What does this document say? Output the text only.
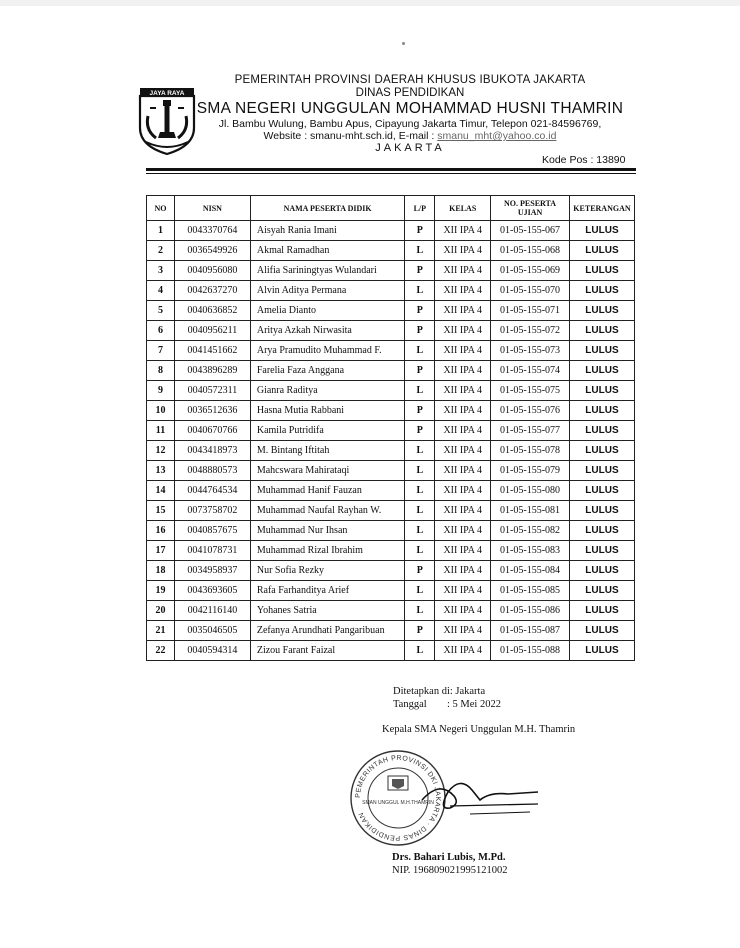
JAYA RAYA
PEMERINTAH PROVINSI DAERAH KHUSUS IBUKOTA JAKARTA
DINAS PENDIDIKAN
SMA NEGERI UNGGULAN MOHAMMAD HUSNI THAMRIN
Jl. Bambu Wulung, Bambu Apus, Cipayung Jakarta Timur, Telepon 021-84596769,
Website : smanu-mht.sch.id, E-mail : smanu_mht@yahoo.co.id
JAKARTA
Kode Pos : 13890
NO	NISN	NAMA PESERTA DIDIK	L/P	KELAS	NO. PESERTA UJIAN	KETERANGAN
1	0043370764	Aisyah Rania Imani	P	XII IPA 4	01-05-155-067	LULUS
2	0036549926	Akmal Ramadhan	L	XII IPA 4	01-05-155-068	LULUS
3	0040956080	Alifia Sariningtyas Wulandari	P	XII IPA 4	01-05-155-069	LULUS
4	0042637270	Alvin Aditya Permana	L	XII IPA 4	01-05-155-070	LULUS
5	0040636852	Amelia Dianto	P	XII IPA 4	01-05-155-071	LULUS
6	0040956211	Aritya Azkah Nirwasita	P	XII IPA 4	01-05-155-072	LULUS
7	0041451662	Arya Pramudito Muhammad F.	L	XII IPA 4	01-05-155-073	LULUS
8	0043896289	Farelia Faza Anggana	P	XII IPA 4	01-05-155-074	LULUS
9	0040572311	Gianra Raditya	L	XII IPA 4	01-05-155-075	LULUS
10	0036512636	Hasna Mutia Rabbani	P	XII IPA 4	01-05-155-076	LULUS
11	0040670766	Kamila Putridifa	P	XII IPA 4	01-05-155-077	LULUS
12	0043418973	M. Bintang Iftitah	L	XII IPA 4	01-05-155-078	LULUS
13	0048880573	Mahcswara Mahirataqi	L	XII IPA 4	01-05-155-079	LULUS
14	0044764534	Muhammad Hanif Fauzan	L	XII IPA 4	01-05-155-080	LULUS
15	0073758702	Muhammad Naufal Rayhan W.	L	XII IPA 4	01-05-155-081	LULUS
16	0040857675	Muhammad Nur Ihsan	L	XII IPA 4	01-05-155-082	LULUS
17	0041078731	Muhammad Rizal Ibrahim	L	XII IPA 4	01-05-155-083	LULUS
18	0034958937	Nur Sofia Rezky	P	XII IPA 4	01-05-155-084	LULUS
19	0043693605	Rafa Farhanditya Arief	L	XII IPA 4	01-05-155-085	LULUS
20	0042116140	Yohanes Satria	L	XII IPA 4	01-05-155-086	LULUS
21	0035046505	Zefanya Arundhati Pangaribuan	P	XII IPA 4	01-05-155-087	LULUS
22	0040594314	Zizou Farant Faizal	L	XII IPA 4	01-05-155-088	LULUS
Ditetapkan di: Jakarta
Tanggal : 5 Mei 2022
Kepala SMA Negeri Unggulan M.H. Thamrin
PEMERINTAH PROVINSI DKI JAKARTA · DINAS PENDIDIKAN
SMAN UNGGUL M.H.THAMRIN
Drs. Bahari Lubis, M.Pd.
NIP. 196809021995121002
